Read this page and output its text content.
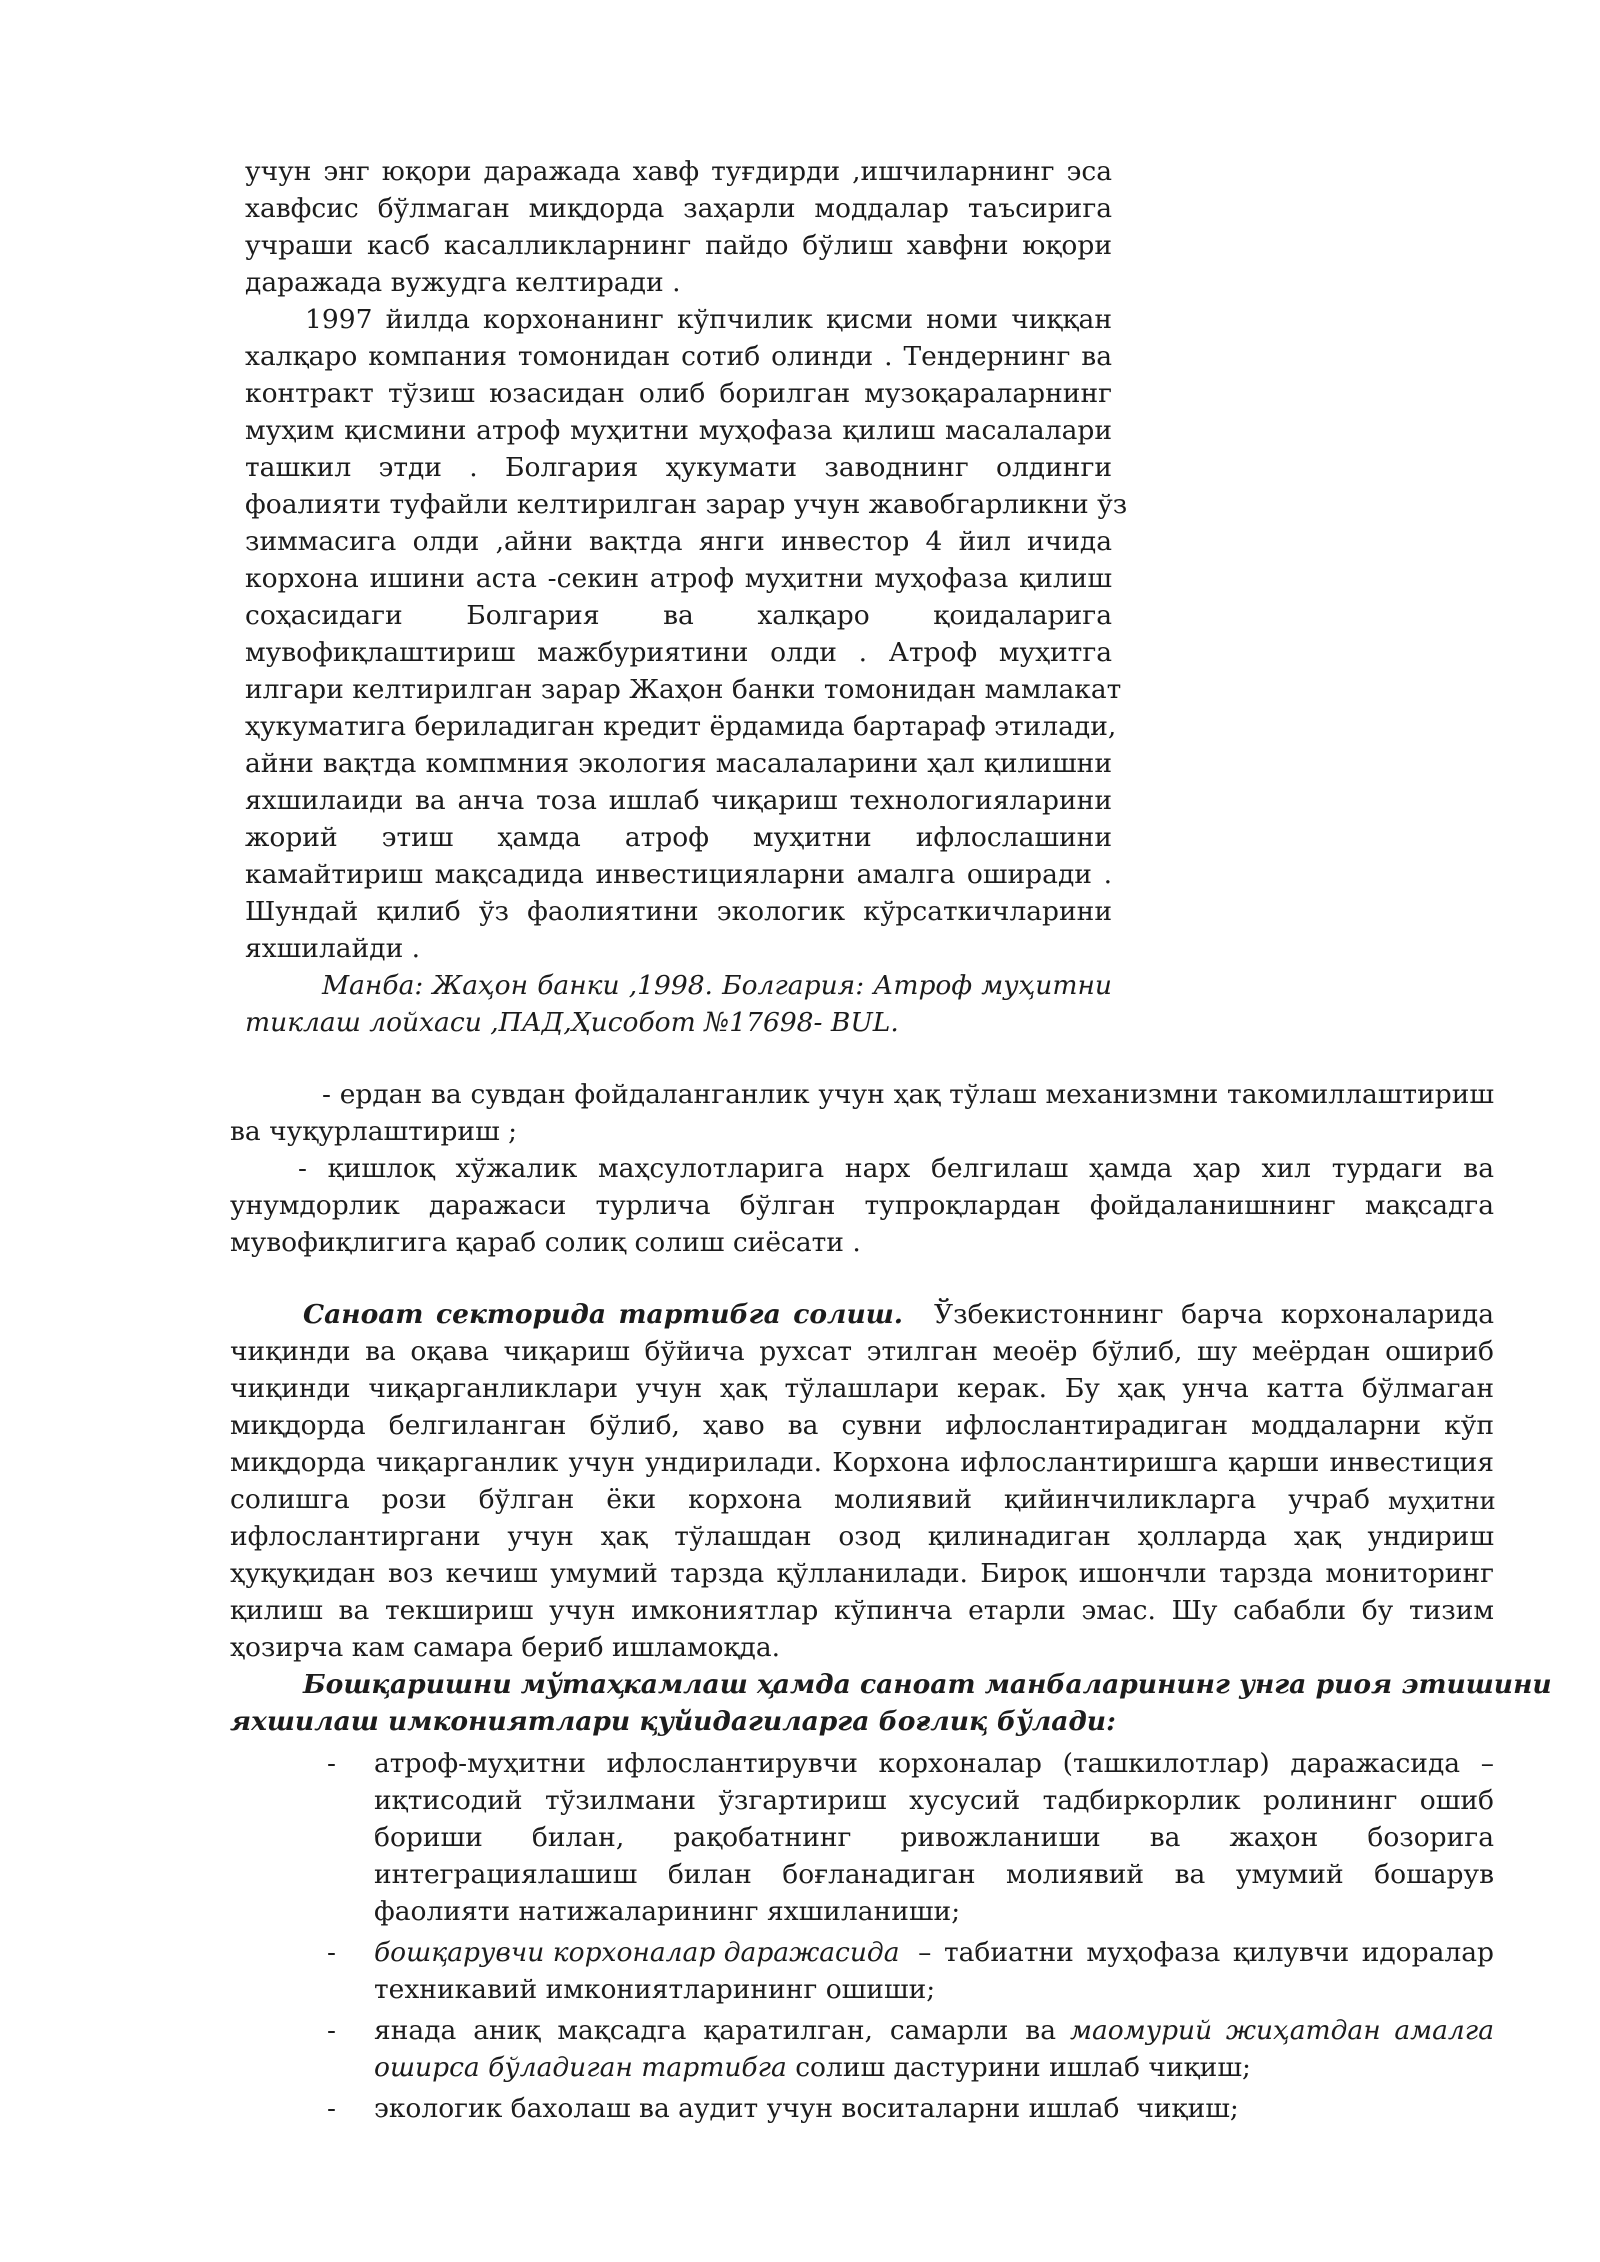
учун энг юқори даражада хавф туғдирди ,ишчиларнинг эса
хавфсис бўлмаган миқдорда заҳарли моддалар таъсирига
учраши касб касалликларнинг пайдо бўлиш хавфни юқори
даражада вужудга келтиради .
1997 йилда корхонанинг кўпчилик қисми номи чиққан
халқаро компания томонидан сотиб олинди . Тендернинг ва
контракт тўзиш юзасидан олиб борилган музоқараларнинг
муҳим қисмини атроф муҳитни муҳофаза қилиш масалалари
ташкил этди . Болгария ҳукумати заводнинг олдинги
фоалияти туфайли келтирилган зарар учун жавобгарликни ўз
зиммасига олди ,айни вақтда янги инвестор 4 йил ичида
корхона ишини аста -секин атроф муҳитни муҳофаза қилиш
соҳасидаги Болгария ва халқаро қоидаларига
мувофиқлаштириш мажбуриятини олди . Атроф муҳитга
илгари келтирилган зарар Жаҳон банки томонидан мамлакат
ҳукуматига бериладиган кредит ёрдамида бартараф этилади,
айни вақтда компмния экология масалаларини ҳал қилишни
яхшилаиди ва анча тоза ишлаб чиқариш технологияларини
жорий этиш ҳамда атроф муҳитни ифлослашини
камайтириш мақсадида инвестицияларни амалга оширади .
Шундай қилиб ўз фаолиятини экологик кўрсаткичларини
яхшилайди .
Манба: Жаҳон банки ,1998. Болгария: Атроф муҳитни
тиклаш лойхаси ,ПАД,Ҳисобот №17698- BUL.
- ердан ва сувдан фойдаланганлик учун ҳақ тўлаш механизмни такомиллаштириш
ва чуқурлаштириш ;
- қишлоқ хўжалик маҳсулотларига нарх белгилаш ҳамда ҳар хил турдаги ва
унумдорлик даражаси турлича бўлган тупроқлардан фойдаланишнинг мақсадга
мувофиқлигига қараб солиқ солиш сиёсати .
Саноат секторида тартибга солиш. Ўзбекистоннинг барча корхоналарида
чиқинди ва оқава чиқариш бўйича рухсат этилган меоёр бўлиб, шу меёрдан ошириб
чиқинди чиқарганликлари учун ҳақ тўлашлари керак. Бу ҳақ унча катта бўлмаган
миқдорда белгиланган бўлиб, ҳаво ва сувни ифлослантирадиган моддаларни кўп
миқдорда чиқарганлик учун ундирилади. Корхона ифлослантиришга қарши инвестиция
солишга рози бўлган ёки корхона молиявий қийинчиликларга учраб муҳитни
ифлослантиргани учун ҳақ тўлашдан озод қилинадиган ҳолларда ҳақ ундириш
ҳуқуқидан воз кечиш умумий тарзда қўлланилади. Бироқ ишончли тарзда мониторинг
қилиш ва текшириш учун имкониятлар кўпинча етарли эмас. Шу сабабли бу тизим
ҳозирча кам самара бериб ишламоқда.
Бошқаришни мўтаҳкамлаш ҳамда саноат манбаларининг унга риоя этишини
яхшилаш имкониятлари қуйидагиларга боғлиқ бўлади:
- атроф-муҳитни ифлослантирувчи корхоналар (ташкилотлар) даражасида –
иқтисодий тўзилмани ўзгартириш хусусий тадбиркорлик ролининг ошиб
бориши билан, рақобатнинг ривожланиши ва жаҳон бозорига
интеграциялашиш билан боғланадиган молиявий ва умумий бошарув
фаолияти натижаларининг яхшиланиши;
- бошқарувчи корхоналар даражасида – табиатни муҳофаза қилувчи идоралар
техникавий имкониятларининг ошиши;
- янада аниқ мақсадга қаратилган, самарли ва маомурий жиҳатдан амалга
оширса бўладиган тартибга солиш дастурини ишлаб чиқиш;
- экологик бахолаш ва аудит учун воситаларни ишлаб  чиқиш;
